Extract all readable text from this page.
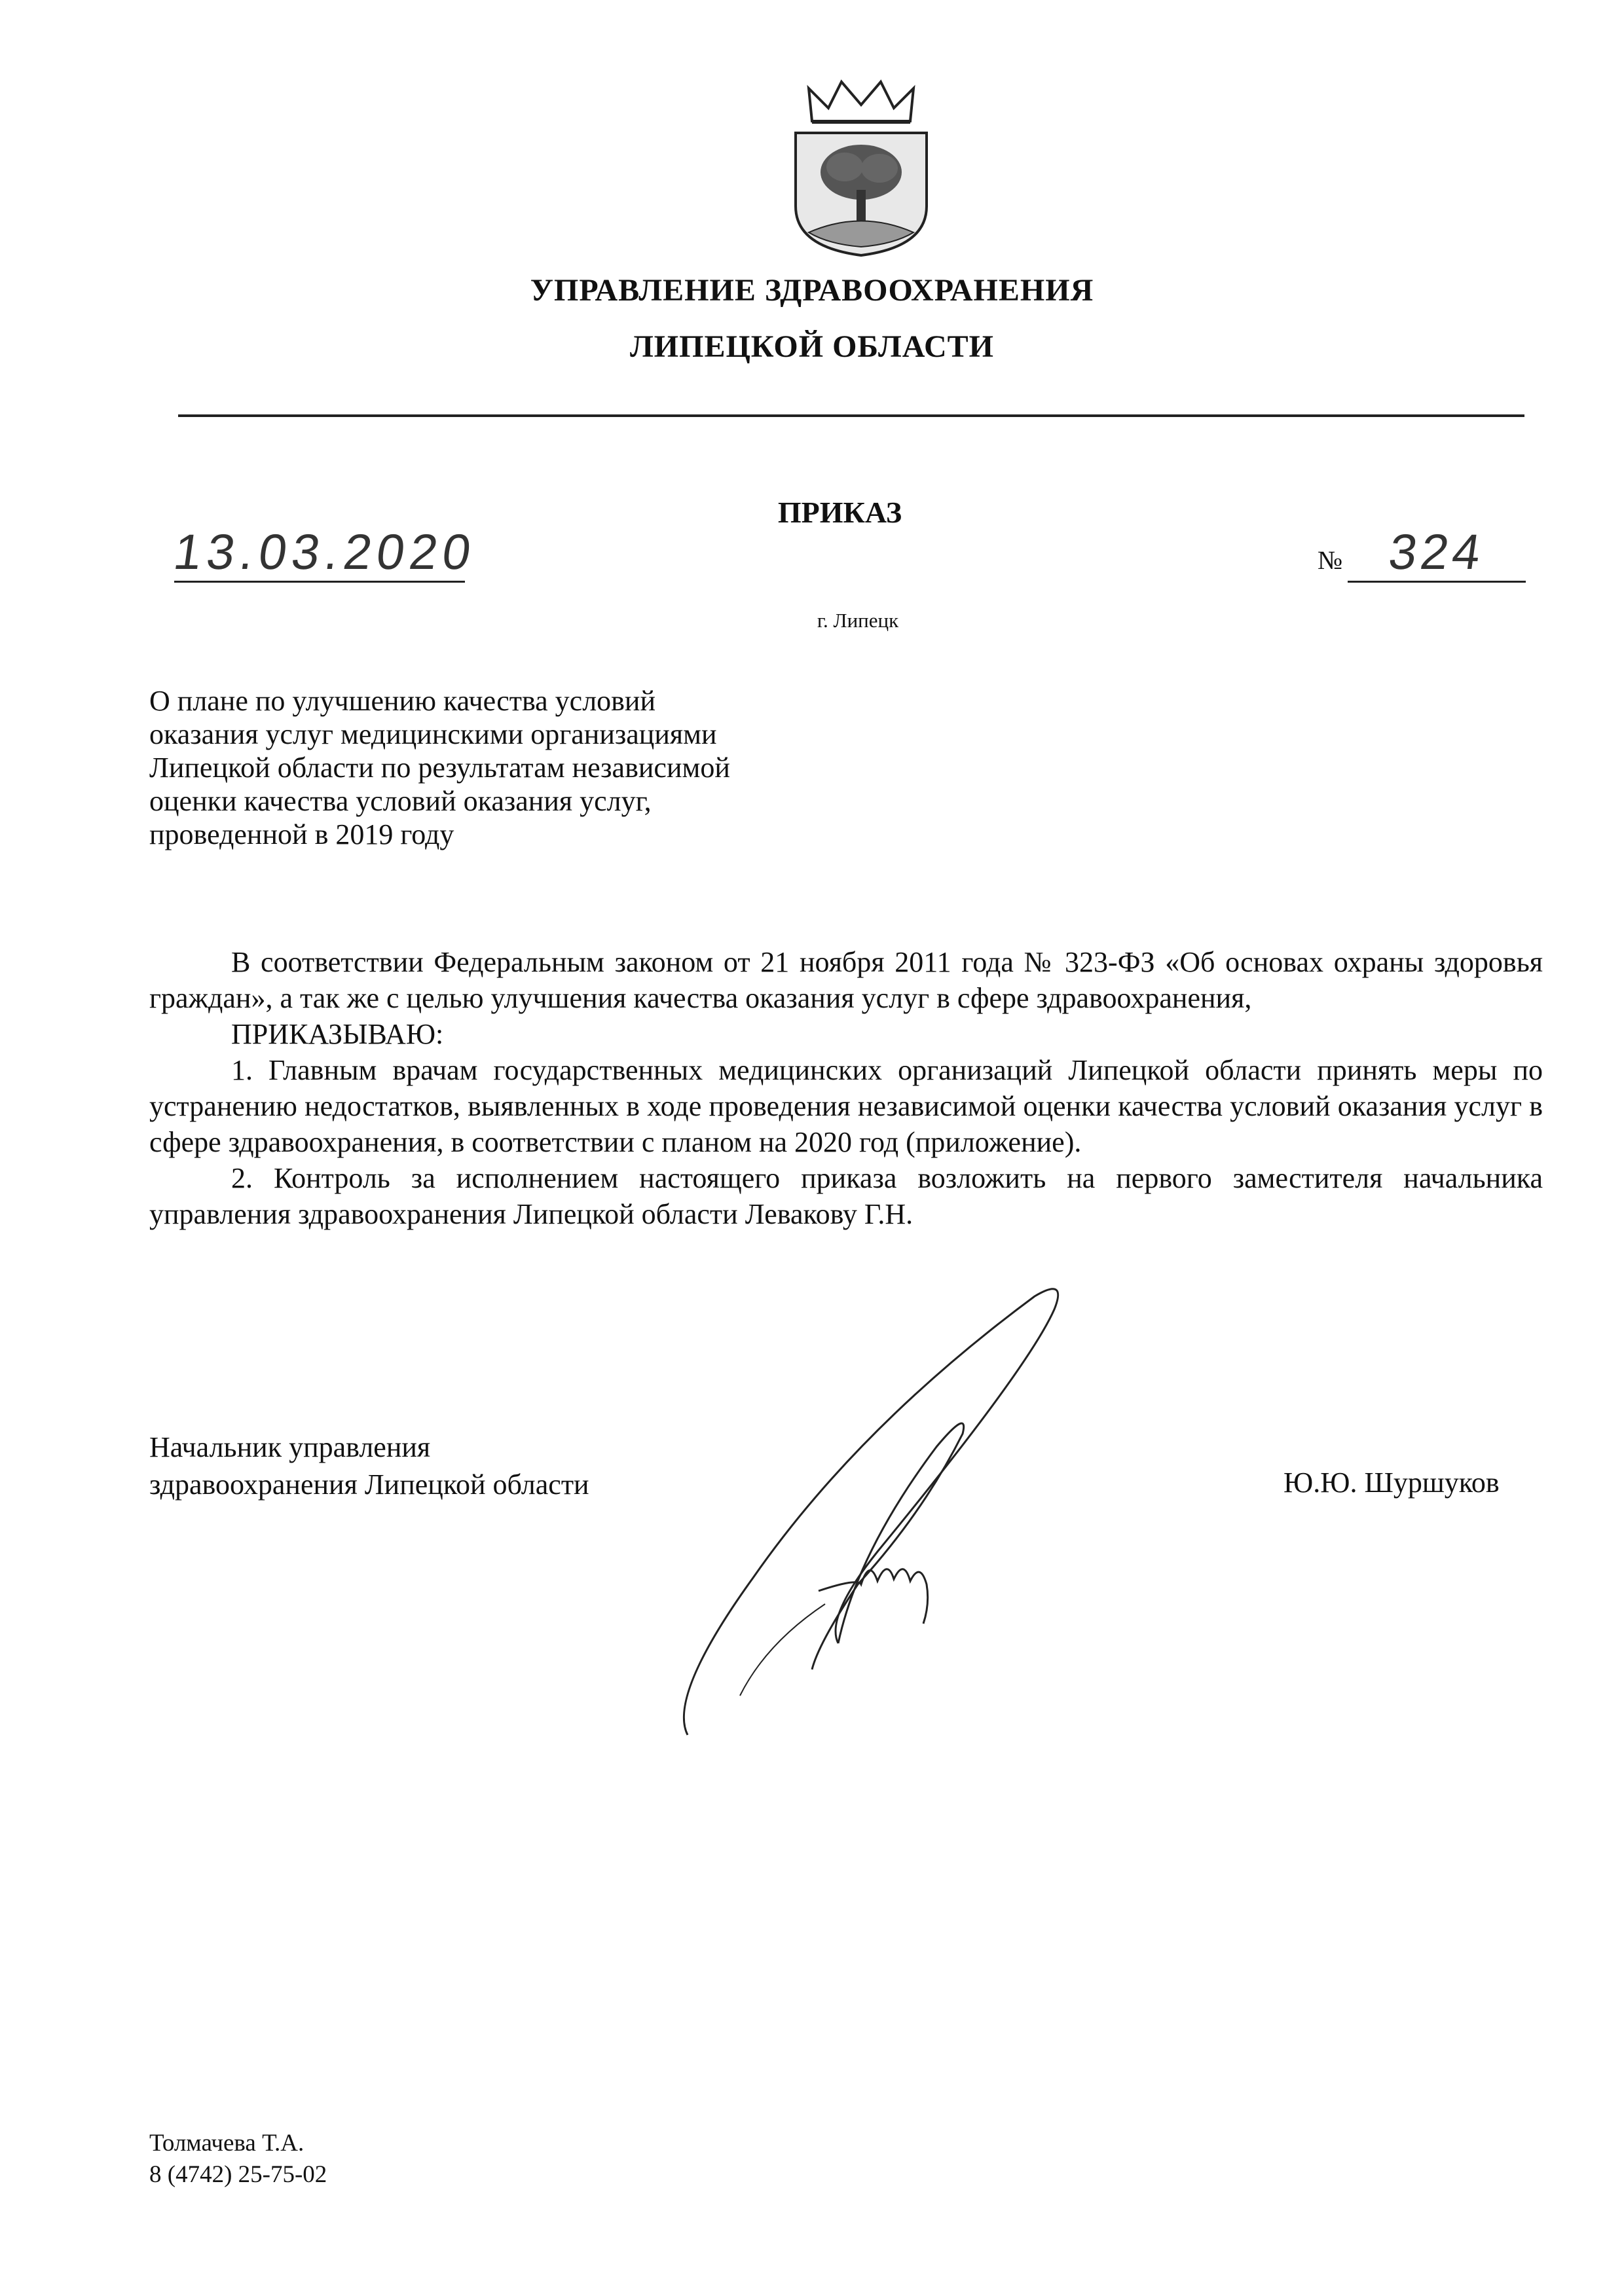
УПРАВЛЕНИЕ ЗДРАВООХРАНЕНИЯ
ЛИПЕЦКОЙ ОБЛАСТИ
ПРИКАЗ
13.03.2020	№ 324
г. Липецк
О плане по улучшению качества условий
оказания услуг медицинскими организациями
Липецкой области по результатам независимой
оценки качества условий оказания услуг,
проведенной в 2019 году

В соответствии Федеральным законом от 21 ноября 2011 года № 323-ФЗ «Об основах охраны здоровья граждан», а так же с целью улучшения качества оказания услуг в сфере здравоохранения,

ПРИКАЗЫВАЮ:

1. Главным врачам государственных медицинских организаций Липецкой области принять меры по устранению недостатков, выявленных в ходе проведения независимой оценки качества условий оказания услуг в сфере здравоохранения, в соответствии с планом на 2020 год (приложение).

2. Контроль за исполнением настоящего приказа возложить на первого заместителя начальника управления здравоохранения Липецкой области Левакову Г.Н.

Начальник управления
здравоохранения Липецкой области	Ю.Ю. Шуршуков
Толмачева Т.А.
8 (4742) 25-75-02
